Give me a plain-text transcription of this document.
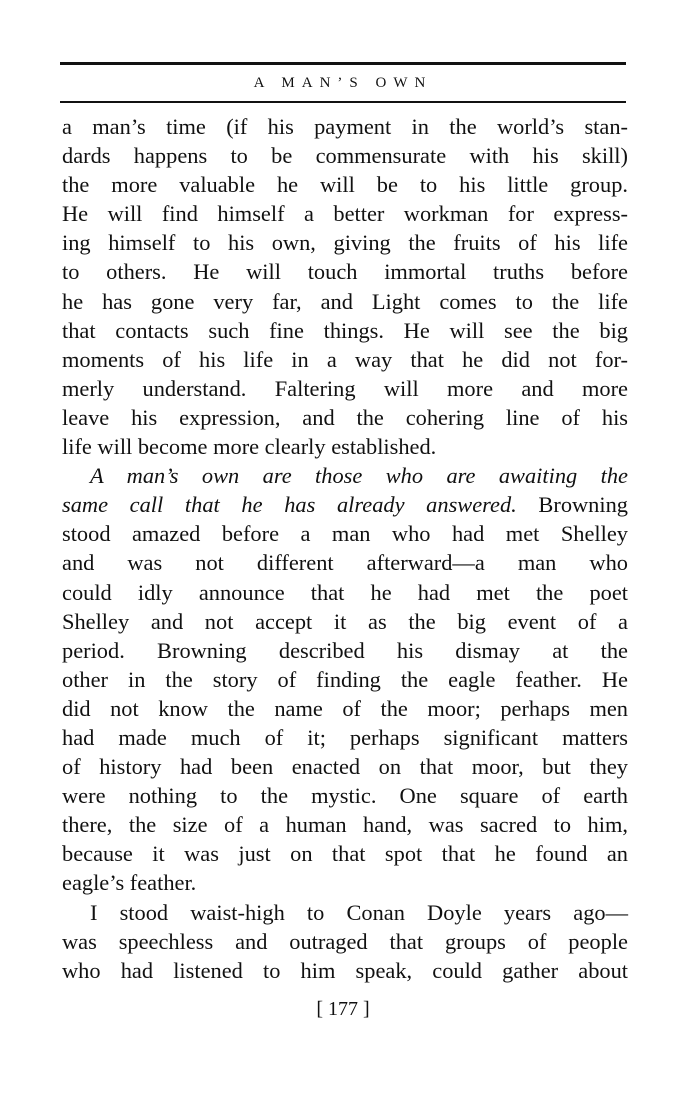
A MAN’S OWN
a man’s time (if his payment in the world’s stan-
dards happens to be commensurate with his skill)
the more valuable he will be to his little group.
He will find himself a better workman for express-
ing himself to his own, giving the fruits of his life
to others. He will touch immortal truths before
he has gone very far, and Light comes to the life
that contacts such fine things. He will see the big
moments of his life in a way that he did not for-
merly understand. Faltering will more and more
leave his expression, and the cohering line of his
life will become more clearly established.
A man’s own are those who are awaiting the
same call that he has already answered. Browning
stood amazed before a man who had met Shelley
and was not different afterward—a man who
could idly announce that he had met the poet
Shelley and not accept it as the big event of a
period. Browning described his dismay at the
other in the story of finding the eagle feather. He
did not know the name of the moor; perhaps men
had made much of it; perhaps significant matters
of history had been enacted on that moor, but they
were nothing to the mystic. One square of earth
there, the size of a human hand, was sacred to him,
because it was just on that spot that he found an
eagle’s feather.
I stood waist-high to Conan Doyle years ago—
was speechless and outraged that groups of people
who had listened to him speak, could gather about
[ 177 ]
